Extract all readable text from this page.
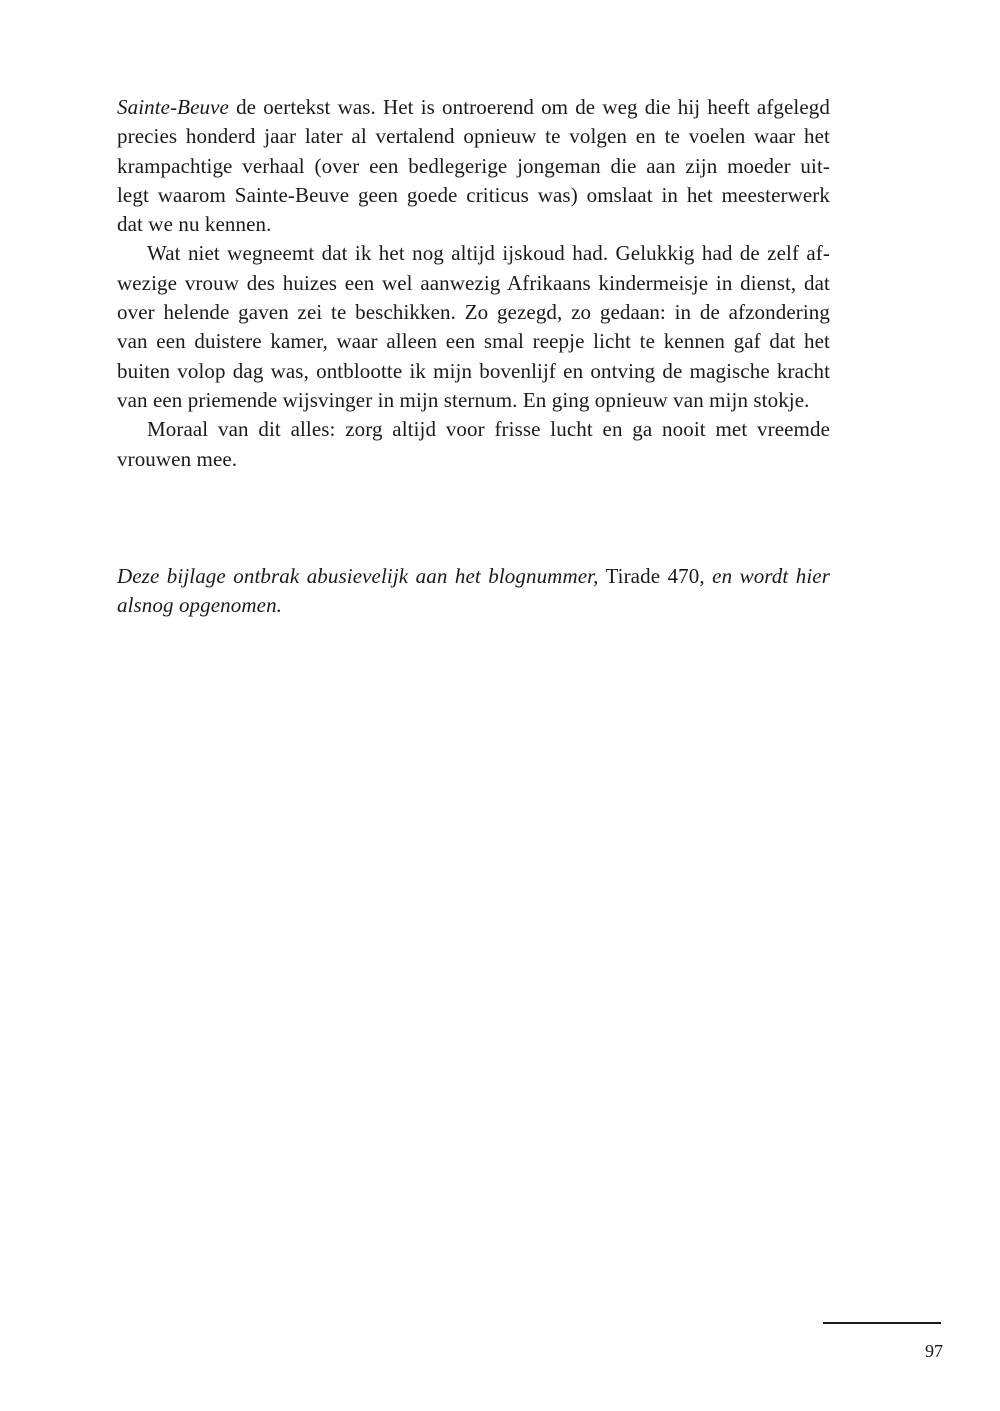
Sainte-Beuve de oertekst was. Het is ontroerend om de weg die hij heeft afgelegd
precies honderd jaar later al vertalend opnieuw te volgen en te voelen waar het
krampachtige verhaal (over een bedlegerige jongeman die aan zijn moeder uit-
legt waarom Sainte-Beuve geen goede criticus was) omslaat in het meesterwerk
dat we nu kennen.
Wat niet wegneemt dat ik het nog altijd ijskoud had. Gelukkig had de zelf af-
wezige vrouw des huizes een wel aanwezig Afrikaans kindermeisje in dienst, dat
over helende gaven zei te beschikken. Zo gezegd, zo gedaan: in de afzondering
van een duistere kamer, waar alleen een smal reepje licht te kennen gaf dat het
buiten volop dag was, ontblootte ik mijn bovenlijf en ontving de magische kracht
van een priemende wijsvinger in mijn sternum. En ging opnieuw van mijn stokje.
Moraal van dit alles: zorg altijd voor frisse lucht en ga nooit met vreemde
vrouwen mee.
Deze bijlage ontbrak abusievelijk aan het blognummer, Tirade 470, en wordt hier
alsnog opgenomen.
97
